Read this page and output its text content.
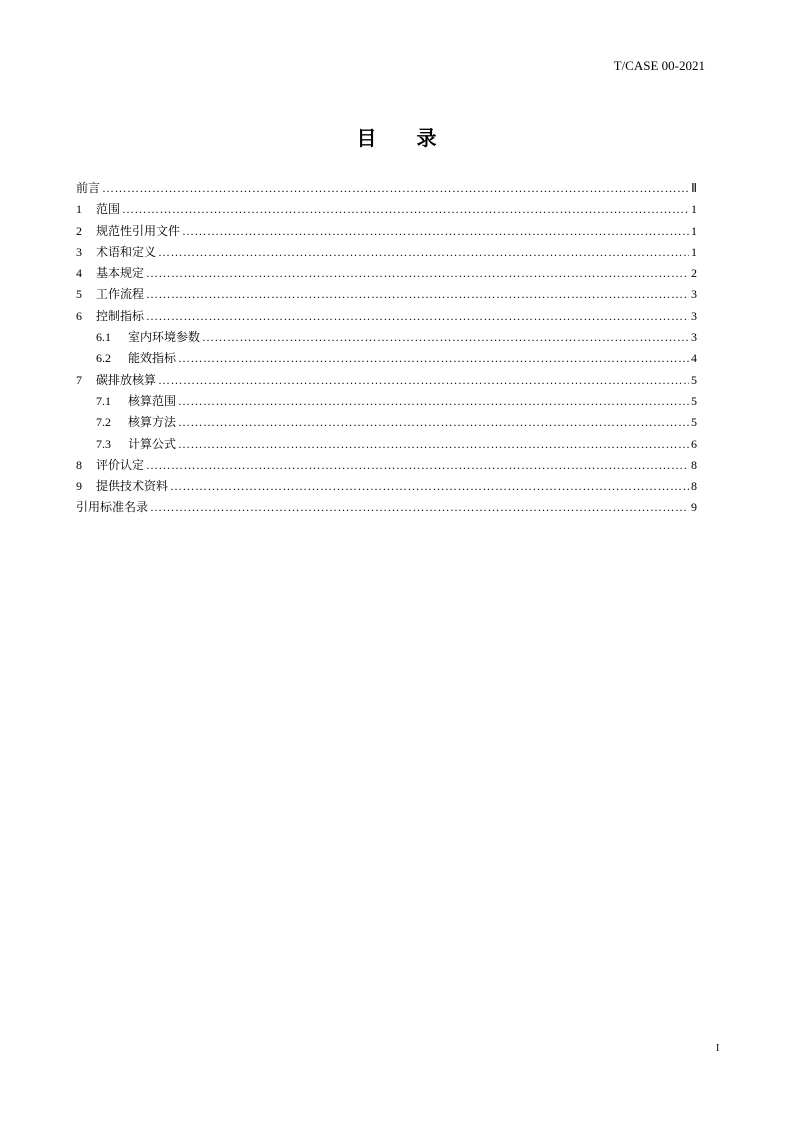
T/CASE 00-2021
目录
前言 ……………………………………………………………………………………………………………………………………………………………………………………………………………………………………	Ⅱ
1	范围 ……………………………………………………………………………………………………………………………………………………………………………………………………………………………………	1
2	规范性引用文件 ……………………………………………………………………………………………………………………………………………………………………………………………………………………………………	1
3	术语和定义 ……………………………………………………………………………………………………………………………………………………………………………………………………………………………………	1
4	基本规定 ……………………………………………………………………………………………………………………………………………………………………………………………………………………………………	2
5	工作流程 ……………………………………………………………………………………………………………………………………………………………………………………………………………………………………	3
6	控制指标 ……………………………………………………………………………………………………………………………………………………………………………………………………………………………………	3
6.1	室内环境参数 ……………………………………………………………………………………………………………………………………………………………………………………………………………………………………	3
6.2	能效指标 ……………………………………………………………………………………………………………………………………………………………………………………………………………………………………	4
7	碳排放核算 ……………………………………………………………………………………………………………………………………………………………………………………………………………………………………	5
7.1	核算范围 ……………………………………………………………………………………………………………………………………………………………………………………………………………………………………	5
7.2	核算方法 ……………………………………………………………………………………………………………………………………………………………………………………………………………………………………	5
7.3	计算公式 ……………………………………………………………………………………………………………………………………………………………………………………………………………………………………	6
8	评价认定 ……………………………………………………………………………………………………………………………………………………………………………………………………………………………………	8
9	提供技术资料 ……………………………………………………………………………………………………………………………………………………………………………………………………………………………………	8
引用标准名录 ……………………………………………………………………………………………………………………………………………………………………………………………………………………………………	9
I
